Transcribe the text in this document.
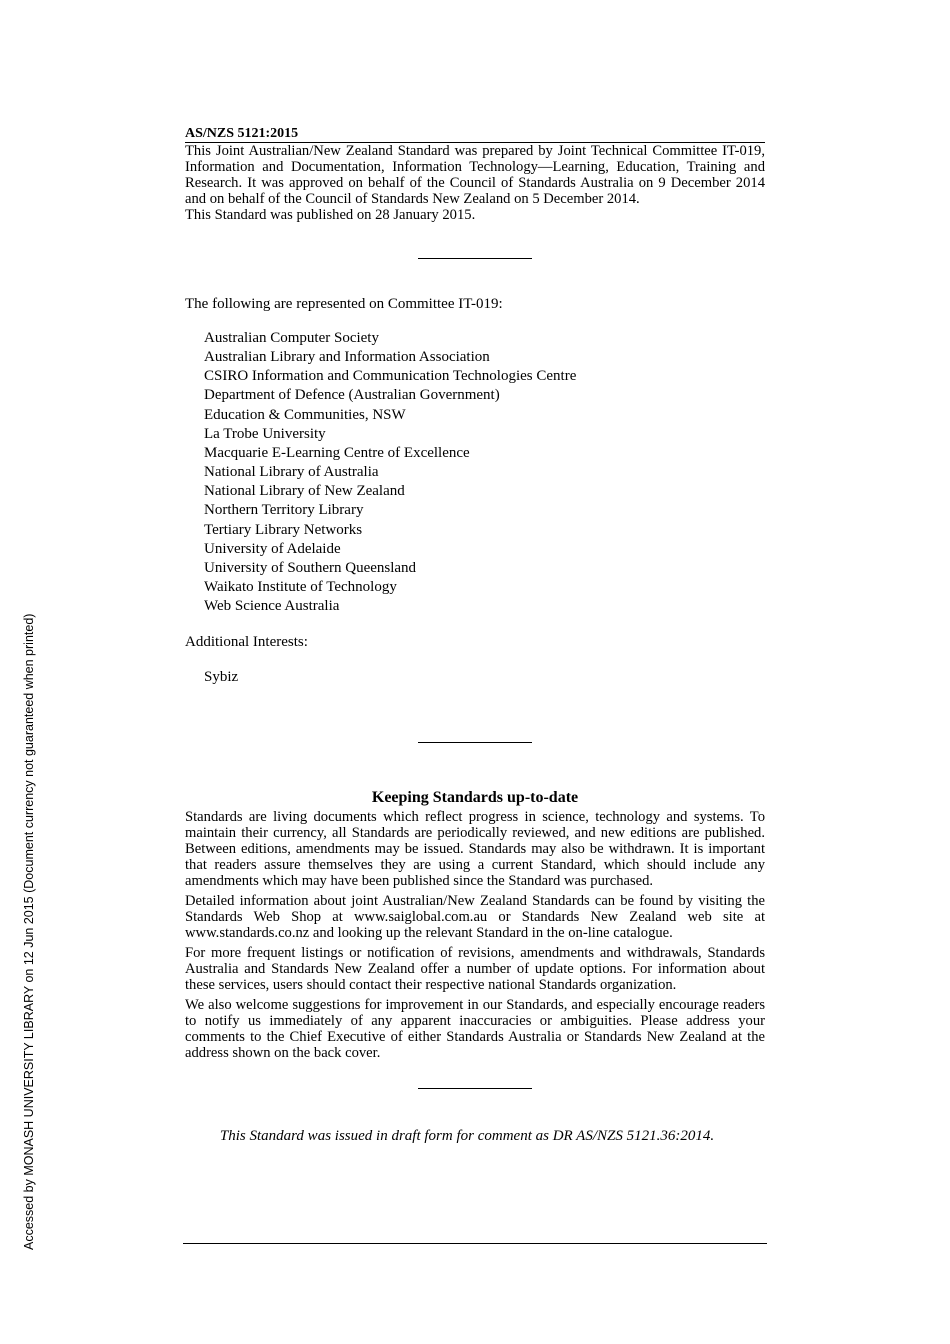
Accessed by MONASH UNIVERSITY LIBRARY on 12 Jun 2015 (Document currency not guaranteed when printed)

AS/NZS 5121:2015

This Joint Australian/New Zealand Standard was prepared by Joint Technical Committee IT-019, Information and Documentation, Information Technology—Learning, Education, Training and Research. It was approved on behalf of the Council of Standards Australia on 9 December 2014 and on behalf of the Council of Standards New Zealand on 5 December 2014.

This Standard was published on 28 January 2015.

The following are represented on Committee IT-019:

Australian Computer Society
Australian Library and Information Association
CSIRO Information and Communication Technologies Centre
Department of Defence (Australian Government)
Education & Communities, NSW
La Trobe University
Macquarie E-Learning Centre of Excellence
National Library of Australia
National Library of New Zealand
Northern Territory Library
Tertiary Library Networks
University of Adelaide
University of Southern Queensland
Waikato Institute of Technology
Web Science Australia

Additional Interests:

Sybiz

Keeping Standards up-to-date

Standards are living documents which reflect progress in science, technology and systems. To maintain their currency, all Standards are periodically reviewed, and new editions are published. Between editions, amendments may be issued. Standards may also be withdrawn. It is important that readers assure themselves they are using a current Standard, which should include any amendments which may have been published since the Standard was purchased.

Detailed information about joint Australian/New Zealand Standards can be found by visiting the Standards Web Shop at www.saiglobal.com.au or Standards New Zealand web site at www.standards.co.nz and looking up the relevant Standard in the on-line catalogue.

For more frequent listings or notification of revisions, amendments and withdrawals, Standards Australia and Standards New Zealand offer a number of update options. For information about these services, users should contact their respective national Standards organization.

We also welcome suggestions for improvement in our Standards, and especially encourage readers to notify us immediately of any apparent inaccuracies or ambiguities. Please address your comments to the Chief Executive of either Standards Australia or Standards New Zealand at the address shown on the back cover.

This Standard was issued in draft form for comment as DR AS/NZS 5121.36:2014.
